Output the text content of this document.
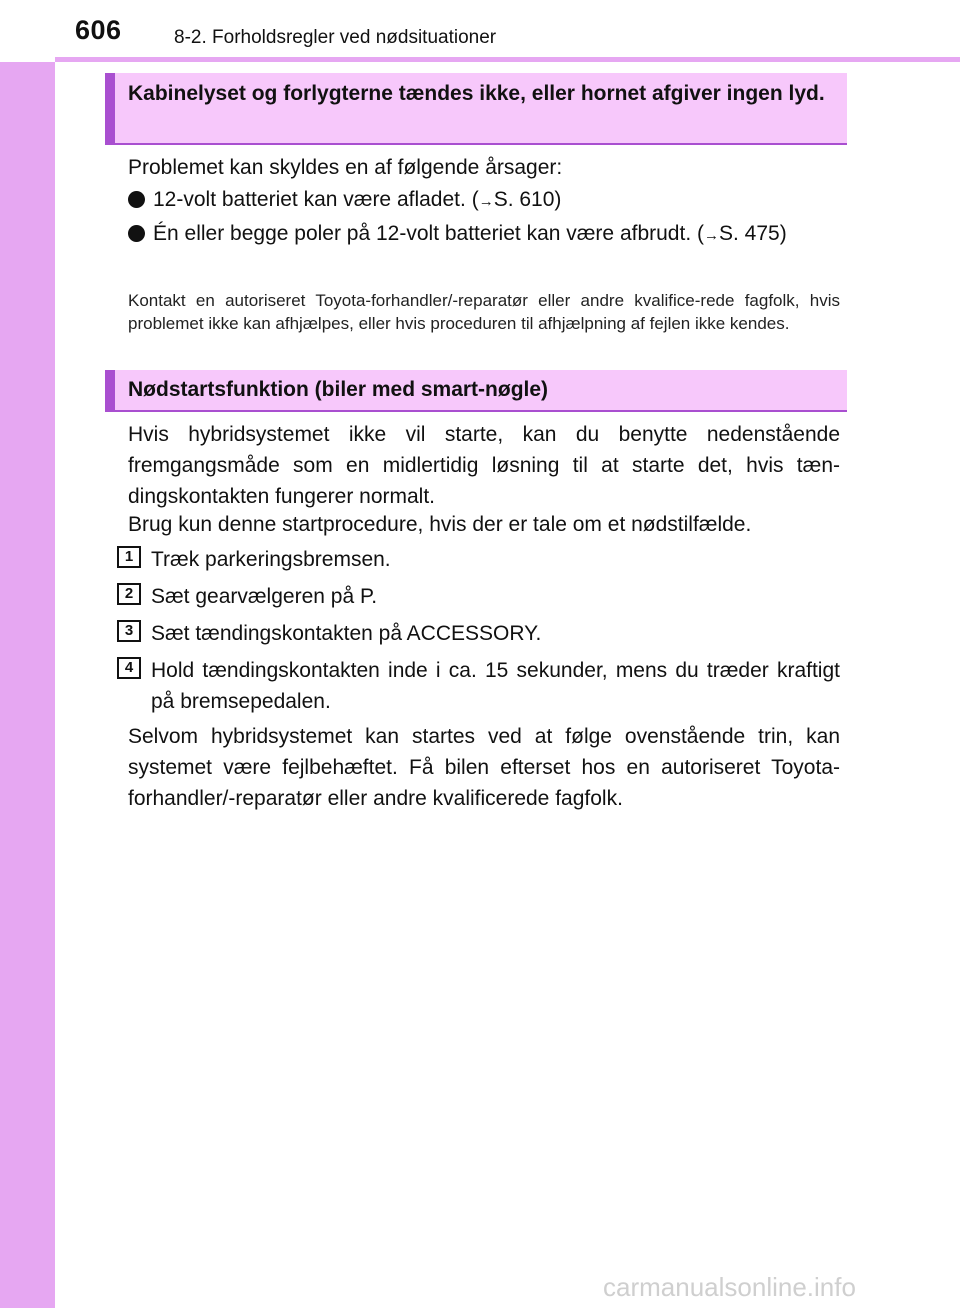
606	8-2. Forholdsregler ved nødsituationer
Kabinelyset og forlygterne tændes ikke, eller hornet afgiver ingen lyd.
Problemet kan skyldes en af følgende årsager:
12-volt batteriet kan være afladet. (→S. 610)
Én eller begge poler på 12-volt batteriet kan være afbrudt. (→S. 475)
Kontakt en autoriseret Toyota-forhandler/-reparatør eller andre kvalifice-rede fagfolk, hvis problemet ikke kan afhjælpes, eller hvis proceduren til afhjælpning af fejlen ikke kendes.
Nødstartsfunktion (biler med smart-nøgle)
Hvis hybridsystemet ikke vil starte, kan du benytte nedenstående fremgangsmåde som en midlertidig løsning til at starte det, hvis tæn-dingskontakten fungerer normalt.
Brug kun denne startprocedure, hvis der er tale om et nødstilfælde.
1 Træk parkeringsbremsen.
2 Sæt gearvælgeren på P.
3 Sæt tændingskontakten på ACCESSORY.
4 Hold tændingskontakten inde i ca. 15 sekunder, mens du træder kraftigt på bremsepedalen.
Selvom hybridsystemet kan startes ved at følge ovenstående trin, kan systemet være fejlbehæftet. Få bilen efterset hos en autoriseret Toyota-forhandler/-reparatør eller andre kvalificerede fagfolk.
carmanualsonline.info
